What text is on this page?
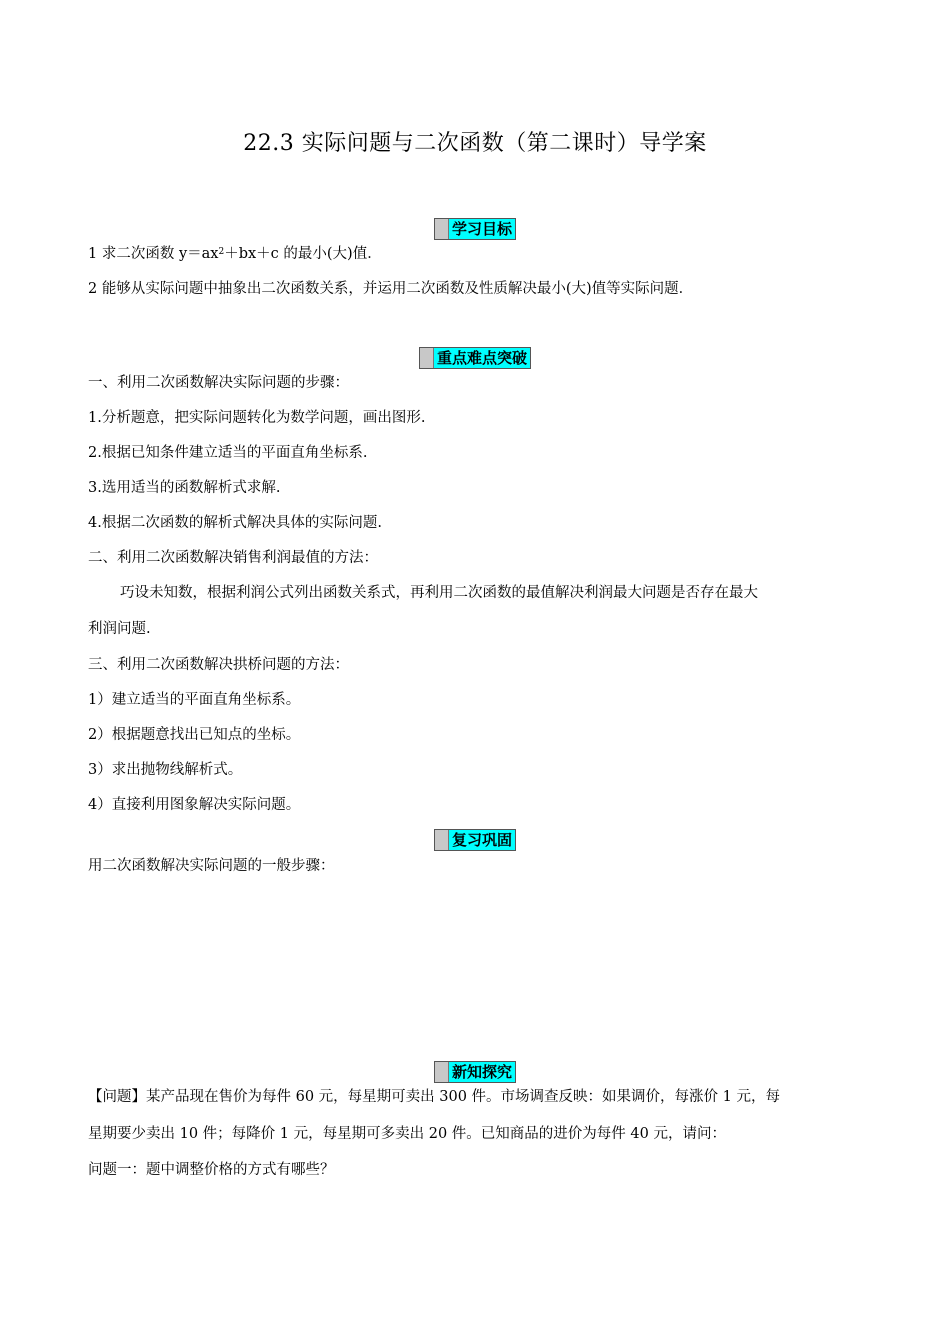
22.3 实际问题与二次函数（第二课时）导学案
学习目标
1 求二次函数 $y=ax^2+bx+c$ 的最小(大)值．
2 能够从实际问题中抽象出二次函数关系，并运用二次函数及性质解决最小(大)值等实际问题．
重点难点突破
一、利用二次函数解决实际问题的步骤：
1.分析题意，把实际问题转化为数学问题，画出图形.
2.根据已知条件建立适当的平面直角坐标系.
3.选用适当的函数解析式求解.
4.根据二次函数的解析式解决具体的实际问题.
二、利用二次函数解决销售利润最值的方法：
巧设未知数，根据利润公式列出函数关系式，再利用二次函数的最值解决利润最大问题是否存在最大
利润问题.
三、利用二次函数解决拱桥问题的方法：
1）建立适当的平面直角坐标系。
2）根据题意找出已知点的坐标。
3）求出抛物线解析式。
4）直接利用图象解决实际问题。
复习巩固
用二次函数解决实际问题的一般步骤：
新知探究
【问题】某产品现在售价为每件 60 元，每星期可卖出 300 件。市场调查反映：如果调价，每涨价 1 元，每
星期要少卖出 10 件；每降价 1 元，每星期可多卖出 20 件。已知商品的进价为每件 40 元，请问：
问题一：题中调整价格的方式有哪些？
